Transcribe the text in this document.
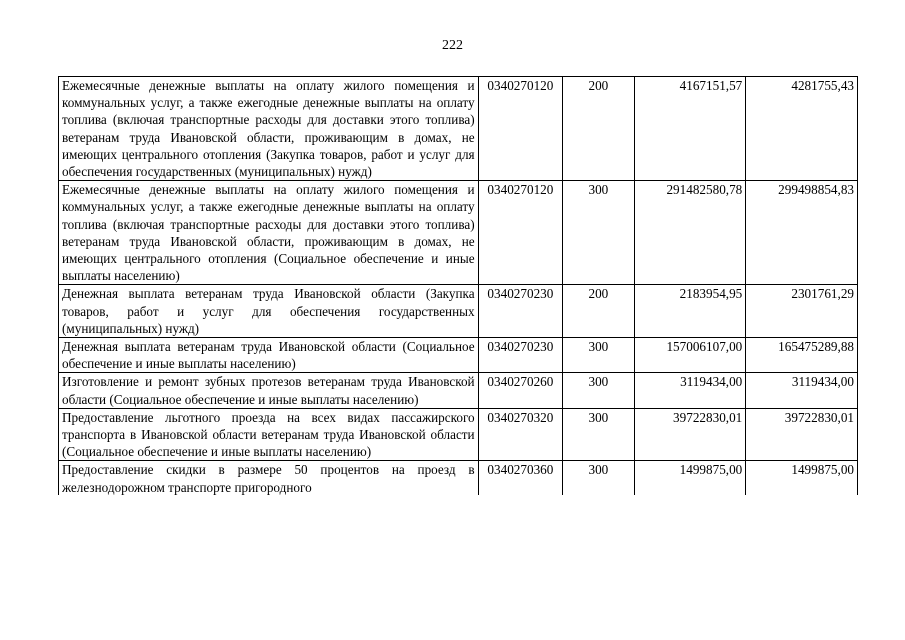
222
Ежемесячные денежные выплаты на оплату жилого помещения и коммунальных услуг, а также ежегодные денежные выплаты на оплату топлива (включая транспортные расходы для доставки этого топлива) ветеранам труда Ивановской области, проживающим в домах, не имеющих центрального отопления (Закупка товаров, работ и услуг для обеспечения государственных (муниципальных) нужд)	0340270120	200	4167151,57	4281755,43
Ежемесячные денежные выплаты на оплату жилого помещения и коммунальных услуг, а также ежегодные денежные выплаты на оплату топлива (включая транспортные расходы для доставки этого топлива) ветеранам труда Ивановской области, проживающим в домах, не имеющих центрального отопления (Социальное обеспечение и иные выплаты населению)	0340270120	300	291482580,78	299498854,83
Денежная выплата ветеранам труда Ивановской области (Закупка товаров, работ и услуг для обеспечения государственных (муниципальных) нужд)	0340270230	200	2183954,95	2301761,29
Денежная выплата ветеранам труда Ивановской области (Социальное обеспечение и иные выплаты населению)	0340270230	300	157006107,00	165475289,88
Изготовление и ремонт зубных протезов ветеранам труда Ивановской области (Социальное обеспечение и иные выплаты населению)	0340270260	300	3119434,00	3119434,00
Предоставление льготного проезда на всех видах пассажирского транспорта в Ивановской области ветеранам труда Ивановской области (Социальное обеспечение и иные выплаты населению)	0340270320	300	39722830,01	39722830,01

Предоставление скидки в размере 50 процентов на проезд в железнодорожном транспорте пригородного	0340270360	300	1499875,00	1499875,00
